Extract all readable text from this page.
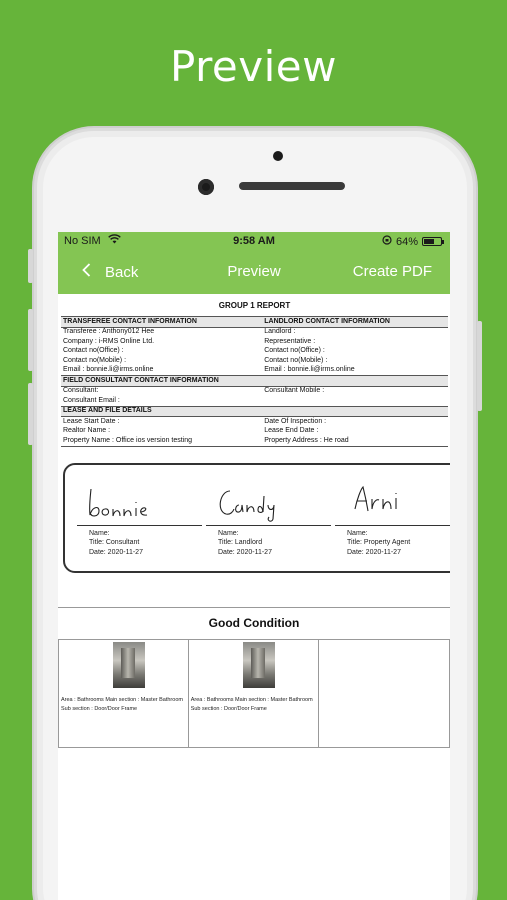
Preview
No SIM	9:58 AM	64%
Back	Preview	Create PDF
GROUP 1 REPORT
TRANSFEREE CONTACT INFORMATION	LANDLORD CONTACT INFORMATION
Transferee : Anthony012 Hee	Landlord :
Company : i-RMS Online Ltd.	Representative :
Contact no(Office) :	Contact no(Office) :
Contact no(Mobile) :	Contact no(Mobile) :
Email : bonnie.li@irms.online	Email : bonnie.li@irms.online
FIELD CONSULTANT CONTACT INFORMATION	
Consultant:	Consultant Mobile :
Consultant Email :	
LEASE AND FILE DETAILS	
Lease Start Date :	Date Of Inspection :
Realtor Name :	Lease End Date :
Property Name : Office ios version testing	Property Address : He road
Name:
Title: Consultant
Date: 2020-11-27
Name:
Title: Landlord
Date: 2020-11-27
Name:
Title: Property Agent
Date: 2020-11-27
Good Condition
Area : Bathrooms Main section : Master Bathroom
Sub section : Door/Door Frame
Area : Bathrooms Main section : Master Bathroom
Sub section : Door/Door Frame
